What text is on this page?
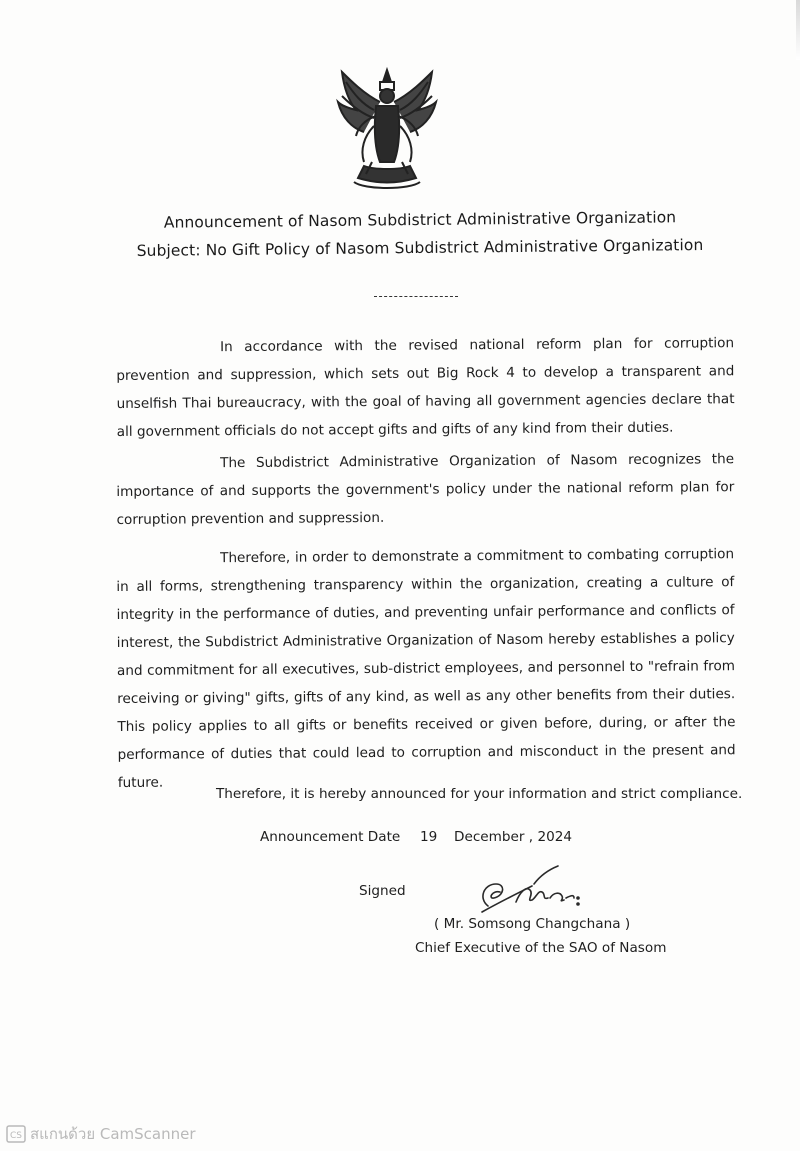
Announcement of Nasom Subdistrict Administrative Organization
Subject: No Gift Policy of Nasom Subdistrict Administrative Organization
In accordance with the revised national reform plan for corruption prevention and suppression, which sets out Big Rock 4 to develop a transparent and unselfish Thai bureaucracy, with the goal of having all government agencies declare that all government officials do not accept gifts and gifts of any kind from their duties.
The Subdistrict Administrative Organization of Nasom recognizes the importance of and supports the government's policy under the national reform plan for corruption prevention and suppression.
Therefore, in order to demonstrate a commitment to combating corruption in all forms, strengthening transparency within the organization, creating a culture of integrity in the performance of duties, and preventing unfair performance and conflicts of interest, the Subdistrict Administrative Organization of Nasom hereby establishes a policy and commitment for all executives, sub-district employees, and personnel to "refrain from receiving or giving" gifts, gifts of any kind, as well as any other benefits from their duties. This policy applies to all gifts or benefits received or given before, during, or after the performance of duties that could lead to corruption and misconduct in the present and future.
Therefore, it is hereby announced for your information and strict compliance.
Announcement Date 19 December , 2024
Signed
( Mr. Somsong Changchana )
Chief Executive of the SAO of Nasom
CS สแกนด้วย CamScanner
